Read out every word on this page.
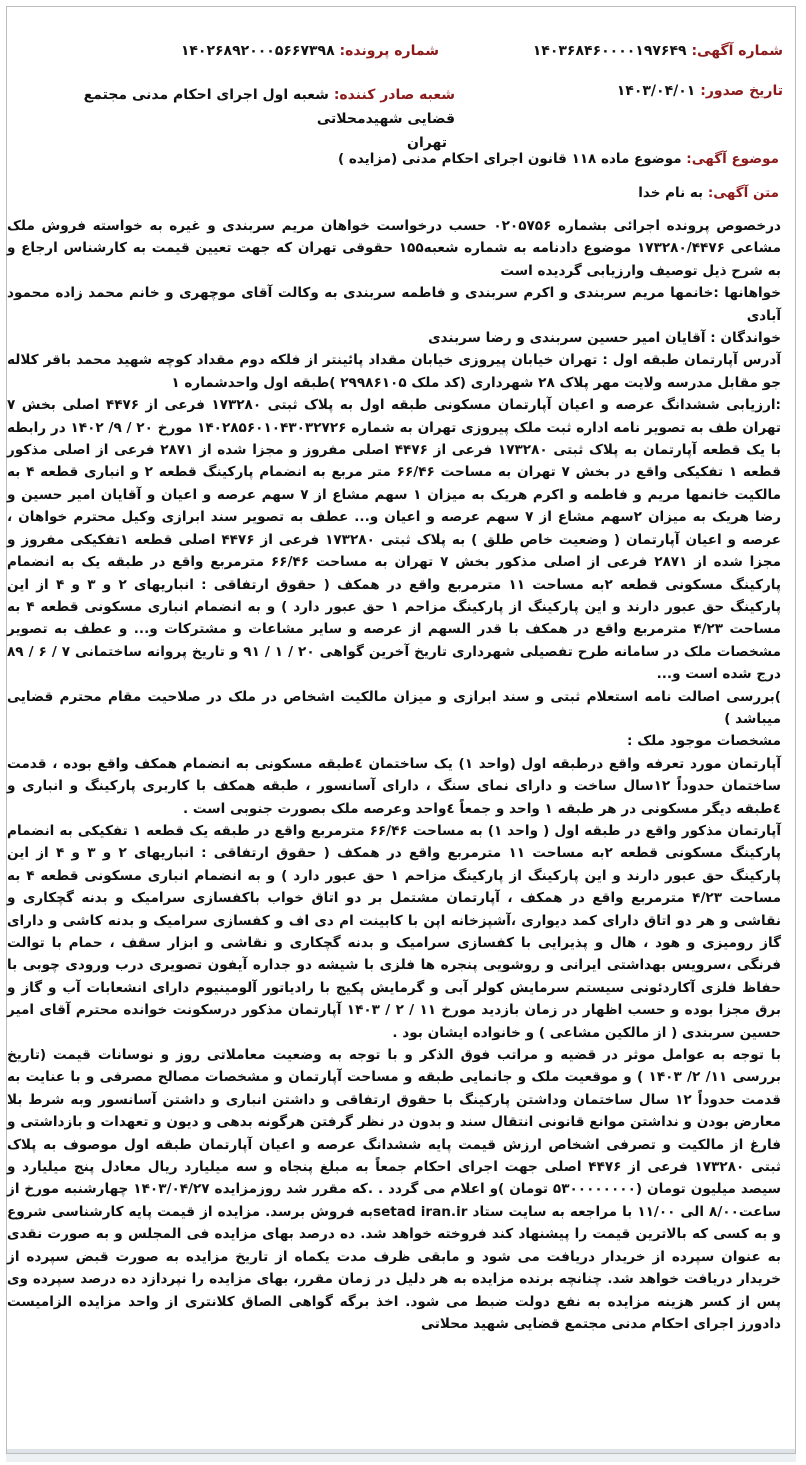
شماره آگهی: ۱۴۰۳۶۸۴۶۰۰۰۰۱۹۷۶۴۹
شماره پرونده: ۱۴۰۲۶۸۹۲۰۰۰۵۶۶۷۳۹۸
تاریخ صدور: ۱۴۰۳/۰۴/۰۱
شعبه صادر کننده: شعبه اول اجرای احکام مدنی مجتمع قضایی شهیدمحلاتی
تهران
موضوع آگهی: موضوع ماده ۱۱۸ قانون اجرای احکام مدنی (مزایده )
متن آگهی: به نام خدا

درخصوص پرونده اجرائی بشماره ۰۲۰۵۷۵۶ حسب درخواست خواهان مریم سربندی و غیره به خواسته فروش ملک مشاعی ۱۷۳۲۸۰/۴۴۷۶ موضوع دادنامه به شماره شعبه۱۵۵ حقوقی تهران که جهت تعیین قیمت به کارشناس ارجاع و به شرح ذیل توصیف وارزیابی گردیده است

خواهانها :خانمها مریم سربندی و اکرم سربندی و فاطمه سربندی به وکالت آقای موچهری و خانم محمد زاده محمود آبادی

خواندگان : آقایان امیر حسین سربندی و رضا سربندی

آدرس آپارتمان طبقه اول : تهران خیابان پیروزی خیابان مقداد پائینتر از فلکه دوم مقداد کوچه شهید محمد باقر کلاله جو مقابل مدرسه ولایت مهر پلاک ۲۸ شهرداری (کد ملک ۲۹۹۸۶۱۰۵ )طبقه اول واحدشماره ۱

:ارزیابی ششدانگ عرصه و اعیان آپارتمان مسکونی طبقه اول به پلاک ثبتی ۱۷۳۲۸۰ فرعی از ۴۴۷۶ اصلی بخش ۷ تهران طف به تصویر نامه اداره ثبت ملک پیروزی تهران به شماره ۱۴۰۲۸۵۶۰۱۰۴۳۰۳۲۷۲۶ مورخ ۲۰ / ۹/ ۱۴۰۲ در رابطه با یک قطعه آپارتمان به پلاک ثبتی ۱۷۳۲۸۰ فرعی از ۴۴۷۶ اصلی مفروز و مجزا شده از ۲۸۷۱ فرعی از اصلی مذکور قطعه ۱ تفکیکی واقع در بخش ۷ تهران به مساحت ۶۶/۴۶ متر مربع به انضمام پارکینگ قطعه ۲ و انباری قطعه ۴ به مالکیت خانمها مریم و فاطمه و اکرم هریک به میزان ۱ سهم مشاع از ۷ سهم عرصه و اعیان و آقایان امیر حسین و رضا هریک به میزان ۲سهم مشاع از ۷ سهم عرصه و اعیان و... عطف به تصویر سند ابرازی وکیل محترم خواهان ، عرصه و اعیان آپارتمان ( وضعیت خاص طلق ) به پلاک ثبتی ۱۷۳۲۸۰ فرعی از ۴۴۷۶ اصلی قطعه ۱تفکیکی مفروز و مجزا شده از ۲۸۷۱ فرعی از اصلی مذکور بخش ۷ تهران به مساحت ۶۶/۴۶ مترمربع واقع در طبقه یک به انضمام پارکینگ مسکونی قطعه ۲به مساحت ۱۱ مترمربع واقع در همکف ( حقوق ارتفاقی : انباریهای ۲ و ۳ و ۴ از این پارکینگ حق عبور دارند و این پارکینگ از پارکینگ مزاحم ۱ حق عبور دارد ) و به انضمام انباری مسکونی قطعه ۴ به مساحت ۴/۲۳ مترمربع واقع در همکف با قدر السهم از عرصه و سایر مشاعات و مشترکات و... و عطف به تصویر مشخصات ملک در سامانه طرح تفصیلی شهرداری تاریخ آخرین گواهی ۲۰ / ۱ / ۹۱ و تاریخ پروانه ساختمانی ۷ / ۶ / ۸۹ درج شده است و...

)بررسی اصالت نامه استعلام ثبتی و سند ابرازی و میزان مالکیت اشخاص در ملک در صلاحیت مقام محترم قضایی میباشد )

مشخصات موجود ملک :

آپارتمان مورد تعرفه واقع درطبقه اول (واحد ۱) یک ساختمان ٤طبقه مسکونی به انضمام همکف واقع بوده ، قدمت ساختمان حدوداً ۱۲سال ساخت و دارای نمای سنگ ، دارای آسانسور ، طبقه همکف با کاربری پارکینگ و انباری و ٤طبقه دیگر مسکونی در هر طبقه ۱ واحد و جمعاً ٤واحد وعرصه ملک بصورت جنوبی است .

آپارتمان مذکور واقع در طبقه اول ( واحد ۱) به مساحت ۶۶/۴۶ مترمربع واقع در طبقه یک قطعه ۱ تفکیکی به انضمام پارکینگ مسکونی قطعه ۲به مساحت ۱۱ مترمربع واقع در همکف ( حقوق ارتفاقی : انباریهای ۲ و ۳ و ۴ از این پارکینگ حق عبور دارند و این پارکینگ از پارکینگ مزاحم ۱ حق عبور دارد ) و به انضمام انباری مسکونی قطعه ۴ به مساحت ۴/۲۳ مترمربع واقع در همکف ، آپارتمان مشتمل بر دو اتاق خواب باکفسازی سرامیک و بدنه گچکاری و نقاشی و هر دو اتاق دارای کمد دیواری ،آشپزخانه اپن با کابینت ام دی اف و کفسازی سرامیک و بدنه کاشی و دارای گاز رومیزی و هود ، هال و پذیرایی با کفسازی سرامیک و بدنه گچکاری و نقاشی و ابزار سقف ، حمام با توالت فرنگی ،سرویس بهداشتی ایرانی و روشویی پنجره ها فلزی با شیشه دو جداره آیفون تصویری درب ورودی چوبی با حفاظ فلزی آکاردئونی سیستم سرمایش کولر آبی و گرمایش پکیج با رادیاتور آلومینیوم دارای انشعابات آب و گاز و برق مجزا بوده و حسب اظهار در زمان بازدید مورخ ۱۱ / ۲ / ۱۴۰۳ آپارتمان مذکور درسکونت خوانده محترم آقای امیر حسین سربندی ( از مالکین مشاعی ) و خانواده ایشان بود .

با توجه به عوامل موثر در قضیه و مراتب فوق الذکر و با توجه به وضعیت معاملاتی روز و نوسانات قیمت (تاریخ بررسی ۱۱/ ۲/ ۱۴۰۳ ) و موقعیت ملک و جانمایی طبقه و مساحت آپارتمان و مشخصات مصالح مصرفی و با عنایت به قدمت حدوداً ۱۲ سال ساختمان وداشتن پارکینگ با حقوق ارتفاقی و داشتن انباری و داشتن آسانسور وبه شرط بلا معارض بودن و نداشتن موانع قانونی انتقال سند و بدون در نظر گرفتن هرگونه بدهی و دیون و تعهدات و بازداشتی و فارغ از مالکیت و تصرفی اشخاص ارزش قیمت پایه ششدانگ عرصه و اعیان آپارتمان طبقه اول موصوف به پلاک ثبتی ۱۷۳۲۸۰ فرعی از ۴۴۷۶ اصلی جهت اجرای احکام جمعاً به مبلغ پنجاه و سه میلیارد ریال معادل پنج میلیارد و سیصد میلیون تومان (۵۳۰۰۰۰۰۰۰۰ تومان )و اعلام می گردد . .که مقرر شد روزمزایده ۱۴۰۳/۰۴/۲۷ چهارشنبه مورخ از ساعت۸/۰۰ الی ۱۱/۰۰ با مراجعه به سایت ستاد setad iran.irبه فروش برسد. مزایده از قیمت پایه کارشناسی شروع و به کسی که بالاترین قیمت را پیشنهاد کند فروخته خواهد شد. ده درصد بهای مزایده فی المجلس و به صورت نقدی به عنوان سپرده از خریدار دریافت می شود و مابقی ظرف مدت یکماه از تاریخ مزایده به صورت قبض سپرده از خریدار دریافت خواهد شد. چنانچه برنده مزایده به هر دلیل در زمان مقرر، بهای مزایده را نپردازد ده درصد سپرده وی پس از کسر هزینه مزایده به نفع دولت ضبط می شود. اخذ برگه گواهی الصاق کلانتری از واحد مزایده الزامیست دادورز اجرای احکام مدنی مجتمع قضایی شهید محلاتی
